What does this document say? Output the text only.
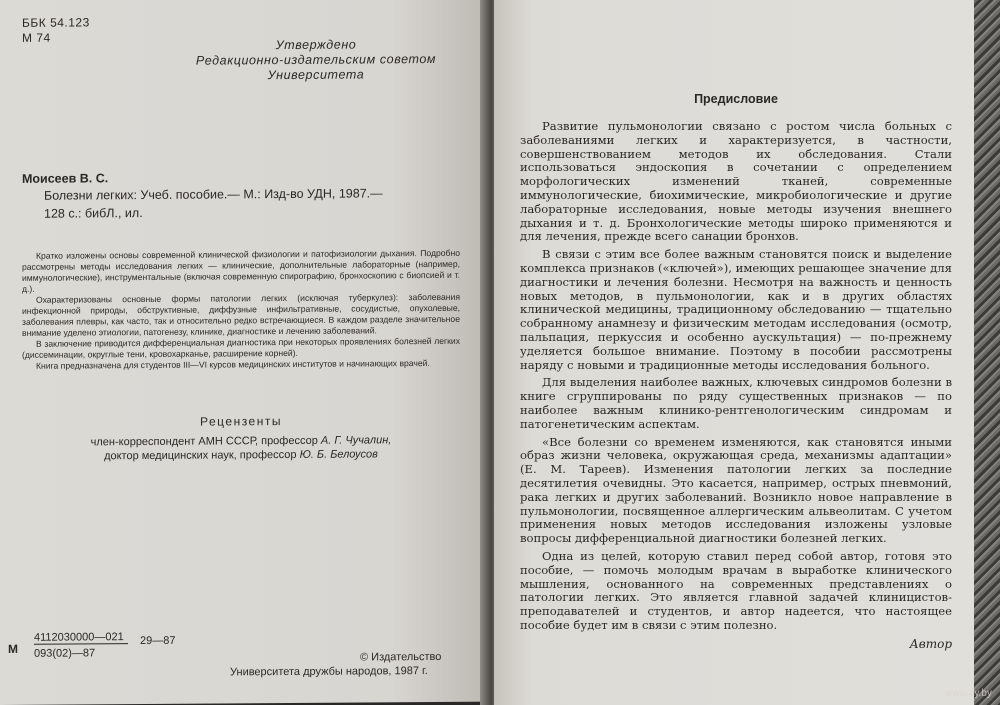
ББК 54.123
М 74	Утверждено
Редакционно-издательским советом
Университета
Моисеев В. С.
Болезни легких: Учеб. пособие.— М.: Изд-во УДН, 1987.—
128 с.: бибЛ., ил.

Кратко изложены основы современной клинической физиологии и патофизиологии дыхания. Подробно рассмотрены методы исследования легких — клинические, дополнительные лабораторные (например, иммунологические), инструментальные (включая современную спирографию, бронхоскопию с биопсией и т. д.).

Охарактеризованы основные формы патологии легких (исключая туберкулез): заболевания инфекционной природы, обструктивные, диффузные инфильтративные, сосудистые, опухолевые, заболевания плевры, как часто, так и относительно редко встречающиеся. В каждом разделе значительное внимание уделено этиологии, патогенезу, клинике, диагностике и лечению заболеваний.

В заключение приводится дифференциальная диагностика при некоторых проявлениях болезней легких (диссеминации, округлые тени, кровохарканье, расширение корней).

Книга предназначена для студентов III—VI курсов медицинских институтов и начинающих врачей.

Рецензенты
член-корреспондент АМН СССР, профессор А. Г. Чучалин,
доктор медицинских наук, профессор Ю. Б. Белоусов
М
4112030000—021
093(02)—87
29—87
© Издательство
Университета дружбы народов, 1987 г.
Предисловие

Развитие пульмонологии связано с ростом числа больных с заболеваниями легких и характеризуется, в частности, совершенствованием методов их обследования. Стали использоваться эндоскопия в сочетании с определением морфологических изменений тканей, современные иммунологические, биохимические, микробиологические и другие лабораторные исследования, новые методы изучения внешнего дыхания и т. д. Бронхологические методы широко применяются и для лечения, прежде всего санации бронхов.

В связи с этим все более важным становятся поиск и выделение комплекса признаков («ключей»), имеющих решающее значение для диагностики и лечения болезни. Несмотря на важность и ценность новых методов, в пульмонологии, как и в других областях клинической медицины, традиционному обследованию — тщательно собранному анамнезу и физическим методам исследования (осмотр, пальпация, перкуссия и особенно аускультация) — по-прежнему уделяется большое внимание. Поэтому в пособии рассмотрены наряду с новыми и традиционные методы исследования больного.

Для выделения наиболее важных, ключевых синдромов болезни в книге сгруппированы по ряду существенных признаков — по наиболее важным клинико-рентгенологическим синдромам и патогенетическим аспектам.

«Все болезни со временем изменяются, как становятся иными образ жизни человека, окружающая среда, механизмы адаптации» (Е. М. Тареев). Изменения патологии легких за последние десятилетия очевидны. Это касается, например, острых пневмоний, рака легких и других заболеваний. Возникло новое направление в пульмонологии, посвященное аллергическим альвеолитам. С учетом применения новых методов исследования изложены узловые вопросы дифференциальной диагностики болезней легких.

Одна из целей, которую ставил перед собой автор, готовя это пособие, — помочь молодым врачам в выработке клинического мышления, основанного на современных представлениях о патологии легких. Это является главной задачей клиницистов-преподавателей и студентов, и автор надеется, что настоящее пособие будет им в связи с этим полезно.

Автор
www.ay.by
